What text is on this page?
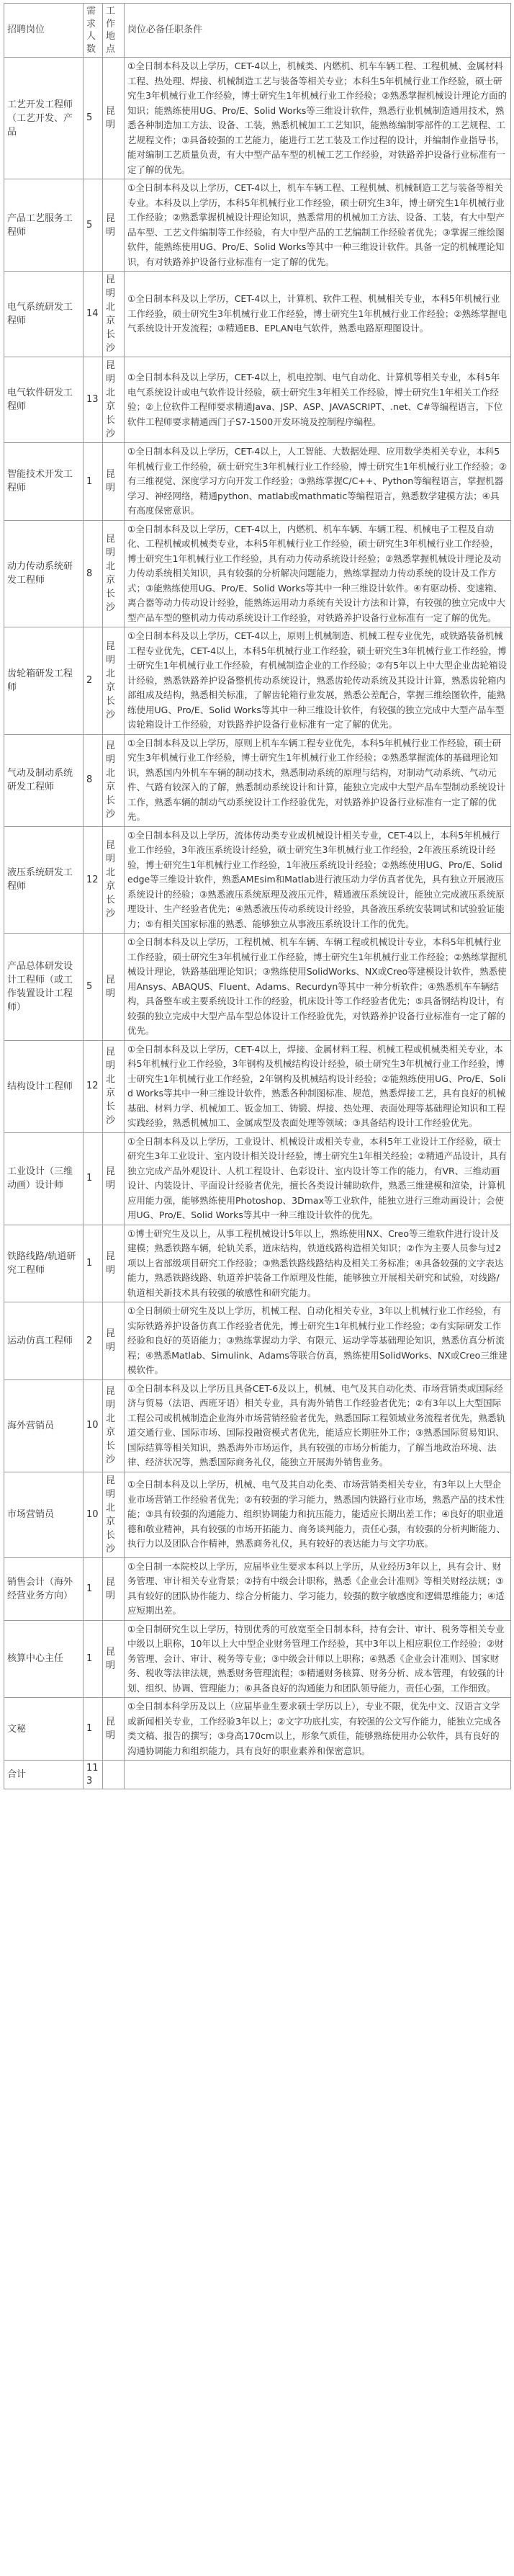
招聘岗位	需求人数	工作地点	岗位必备任职条件
工艺开发工程师（工艺开发、产品	5	昆明	①全日制本科及以上学历，CET-4以上，机械类、内燃机、机车车辆工程、工程机械、金属材料工程、热处理、焊接、机械制造工艺与装备等相关专业；本科生5年机械行业工作经验，硕士研究生3年机械行业工作经验，博士研究生1年机械行业工作经验；②熟悉掌握机械设计理论方面的知识；能熟练使用UG、Pro/E、Solid Works等三维设计软件，熟悉行业机械制造通用技术，熟悉各种制造加工方法、设备、工装，熟悉机械加工工艺知识，能熟练编制零部件的工艺规程、工艺规程文件；③具备较强的工艺能力，能进行工艺工装及工作过程的设计，并编制作业指导书，能对编制工艺质量负责，有大中型产品车型的机械工艺工作经验，对铁路养护设备行业标准有一定了解的优先。
产品工艺服务工程师	5	昆明	①全日制本科及以上学历，CET-4以上，机车车辆工程、工程机械、机械制造工艺与装备等相关专业。本科及以上学历，本科5年机械行业工作经验，硕士研究生3年，博士研究生1年机械行业工作经验；②熟悉掌握机械设计理论知识，熟悉常用的机械加工方法、设备、工装，有大中型产品车型、工艺文件编制等工作经验，有大中型产品的工艺编制工作经验者优先；③掌握三维绘图软件，能熟练使用UG、Pro/E、Solid Works等其中一种三维设计软件。具备一定的机械理论知识，有对铁路养护设备行业标准有一定了解的优先。
电气系统研发工程师	14	昆明 北京 长沙	①全日制本科及以上学历，CET-4以上，计算机、软件工程、机械相关专业，本科5年机械行业工作经验，硕士研究生3年机械行业工作经验，博士研究生1年机械行业工作经验；②熟练掌握电气系统设计开发流程；③精通EB、EPLAN电气软件，熟悉电路原理图设计。
电气软件研发工程师	13	昆明 北京 长沙	①全日制本科及以上学历，CET-4以上，机电控制、电气自动化、计算机等相关专业，本科5年电气系统设计或电气软件设计经验，硕士研究生3年相关工作经验，博士研究生1年相关工作经验；②上位软件工程师要求精通Java、JSP、ASP、JAVASCRIPT、.net、C#等编程语言，下位软件工程师要求精通西门子S7-1500开发环境及控制程序编程。
智能技术开发工程师	1	昆明	①全日制本科及以上学历，CET-4以上，人工智能、大数据处理、应用数学类相关专业，本科5年机械行业工作经验，硕士研究生3年机械行业工作经验，博士研究生1年机械行业工作经验；②有三维视觉、深度学习方向开发工作经验；③熟练掌握C/C++、Python等编程语言，掌握机器学习、神经网络，精通python、matlab或mathmatic等编程语言，熟悉数学建模方法；④具有高度保密意识。
动力传动系统研发工程师	8	昆明 北京 长沙	①全日制本科及以上学历，CET-4以上，内燃机、机车车辆、车辆工程、机械电子工程及自动化、工程机械或机械类专业，本科5年机械行业工作经验，硕士研究生3年机械行业工作经验，博士研究生1年机械行业工作经验，具有动力传动系统设计经验；②熟悉掌握机械设计理论及动力传动系统相关知识，具有较强的分析解决问题能力，熟练掌握动力传动系统的设计及工作方式；③能熟练使用UG、Pro/E、Solid Works等其中一种三维设计软件。④有驱动桥、变速箱、离合器等动力传动设计经验，能熟练运用动力系统有关设计方法和计算，有较强的独立完成中大型产品车型的整机动力传动系统设计工作经验，对铁路养护设备行业标准有一定了解的优先。
齿轮箱研发工程师	2	昆明 北京 长沙	①全日制本科及以上学历，CET-4以上，原则上机械制造、机械工程专业优先，或铁路装备机械工程专业优先，CET-4以上，本科5年机械行业工作经验，硕士研究生3年机械行业工作经验，博士研究生1年机械行业工作经验，有机械制造企业的工作经验；②有5年以上中大型企业齿轮箱设计经验，熟悉铁路养护设备整机传动系统设计，熟悉齿轮传动系统及其设计计算，熟悉齿轮箱内部组成及结构，熟悉相关标准，了解齿轮箱行业发展，熟悉公差配合，掌握三维绘图软件，能熟练使用UG、Pro/E、Solid Works等其中一种三维设计软件，有较强的独立完成中大型产品车型齿轮箱设计工作经验，对铁路养护设备行业标准有一定了解的优先。
气动及制动系统研发工程师	8	昆明 北京 长沙	①全日制本科及以上学历，原则上机车车辆工程专业优先，本科5年机械行业工作经验，硕士研究生3年机械行业工作经验，博士研究生1年机械行业工作经验；②熟悉掌握流体的基础理论知识，熟悉国内外机车车辆的制动技术，熟悉制动系统的原理与结构，对制动气动系统、气动元件、气路有较深入的了解，熟悉制动系统设计和计算，能独立完成中大型产品车型制动系统设计工作，熟悉车辆的制动气动系统设计工作经验优先，对铁路养护设备行业标准有一定了解的优先。
液压系统研发工程师	12	昆明 北京 长沙	①全日制本科及以上学历，流体传动类专业或机械设计相关专业，CET-4以上，本科5年机械行业工作经验，3年液压系统设计经验，硕士研究生3年机械行业工作经验，2年液压系统设计经验，博士研究生1年机械行业工作经验，1年液压系统设计经验；②熟练使用UG、Pro/E、Solidedge等三维设计软件，熟悉AMEsim和Matlab进行液压动力学仿真者优先，具有独立开展液压系统设计的经验；③熟悉液压系统原理及液压元件，精通液压系统设计，能独立完成液压系统原理设计、生产经验者优先；④熟悉液压传动系统设计经验，具备液压系统安装调试和试验验证能力；⑤有相关国家标准的熟悉、能够独立从事液压系统设计工作的优先。
产品总体研发设计工程师（或工作装置设计工程师）	5	昆明	①全日制本科及以上学历，工程机械、机车车辆、车辆工程或机械设计专业，本科5年机械行业工作经验，硕士研究生3年机械行业工作经验，博士研究生1年机械行业工作经验；②熟练掌握机械设计理论，铁路基础理论知识；③熟练使用SolidWorks、NX或Creo等建模设计软件，熟悉使用Ansys、ABAQUS、Fluent、Adams、Recurdyn等其中一种分析软件；④熟悉机车车辆结构，具备整车或主要系统设计工作的经验，机床设计等工作经验者优先；⑤具备钢结构设计，有较强的独立完成中大型产品车型总体设计工作经验优先，对铁路养护设备行业标准有一定了解的优先。
结构设计工程师	12	昆明 北京 长沙	①全日制本科及以上学历，CET-4以上，焊接、金属材料工程、机械工程或机械类相关专业，本科5年机械行业工作经验，3年钢构及机械结构设计经验，硕士研究生3年机械行业工作经验，博士研究生1年机械行业工作经验，2年钢构及机械结构设计经验；②能熟练使用UG、Pro/E、Solid Works等其中一种三维设计软件，熟悉各种制图标准、规范，熟悉焊接工艺，具有良好的机械基础、材料力学、机械加工、钣金加工、铸锻、焊接、热处理、表面处理等基础理论知识和工程实践经验，熟悉机械加工、金属成型及表面处理等领域；③具备结构设计工作经验优先。
工业设计（三维动画）设计师	1	昆明	①全日制本科及以上学历，工业设计、机械设计或相关专业，本科5年工业设计工作经验，硕士研究生3年工业设计、室内设计相关设计经验，博士研究生1年相关经验；②精通产品设计，具有独立完成产品外观设计、人机工程设计、色彩设计、室内设计等工作的能力，有VR、三维动画设计、内装设计、平面设计经验者优先，擅长各类设计辅助软件，熟悉三维建模和渲染，计算机应用能力强，能够熟练使用Photoshop、3Dmax等工业软件，能独立进行三维动画设计；会使用UG、Pro/E、Solid Works等其中一种三维设计软件的优先。
铁路线路/轨道研究工程师	1	昆明	①博士研究生及以上，从事工程机械设计5年以上，熟练使用NX、Creo等三维软件进行设计及建模；熟悉铁路车辆，轮轨关系，道床结构，铁道线路构造相关知识；②作为主要人员参与过2项以上省部级项目研究工作经验；③熟悉铁路线路结构及相关工务标准；④具备较强的文字表达能力，熟悉铁路线路、轨道养护装备工作原理及性能，能够独立开展相关研究和试验，对线路/轨道相关新技术具有较强的敏感性和研究能力。
运动仿真工程师	2	昆明	①全日制硕士研究生及以上学历，机械工程、自动化相关专业，3年以上机械行业工作经验，有实际铁路养护设备仿真工作经验者优先，博士研究生1年机械行业工作经验；②有实际研发工作经验和良好的英语能力；③熟练掌握动力学、有限元、运动学等基础理论知识，熟悉仿真分析流程；④熟悉Matlab、Simulink、Adams等联合仿真，熟练使用SolidWorks、NX或Creo三维建模软件。
海外营销员	10	昆明 北京 长沙	①全日制本科及以上学历且具备CET-6及以上，机械、电气及其自动化类、市场营销类或国际经济与贸易（法语、西班牙语）相关专业，具有海外销售工作经验者优先；②有3年以上大型国际工程公司或机械制造企业海外市场营销经验者优先，熟悉国际工程领域业务流程者优先，熟悉轨道交通行业、国际市场、国际投融资模式者优先，能适应长期驻外工作；③熟悉国际贸易知识、国际结算等相关知识，熟悉海外市场运作，具有较强的市场分析能力，了解当地政治环境、法律、经济状况等，熟悉国际商务礼仪，能独立开展海外销售业务。
市场营销员	10	昆明 北京 长沙	①全日制本科及以上学历，机械、电气及其自动化类、市场营销类相关专业，有3年以上大型企业市场营销工作经验者优先；②有较强的学习能力，熟悉国内铁路行业市场，熟悉产品的技术性能；③具有较强的沟通能力、组织协调能力和抗压能力，能适应长期出差工作；④良好的职业道德和敬业精神，具有较强的市场开拓能力、商务谈判能力，责任心强，有较强的分析判断能力、执行力以及团队合作精神，熟悉商务礼仪，具有较好的表达能力与文字功底。
销售会计（海外经营业务方向）	1	昆明	①全日制一本院校以上学历，应届毕业生要求本科以上学历，从业经历3年以上，具有会计、财务管理、审计相关专业背景；②持有中级会计职称，熟悉《企业会计准则》等相关财经法规；③具有较好的团队协作能力、综合分析能力、学习能力，较强的数字敏感度和逻辑思维能力；④适应短期出差。
核算中心主任	1	昆明	①全日制研究生以上学历，特别优秀的可放宽至全日制本科，持有会计、审计、税务等相关专业中级以上职称，10年以上大中型企业财务管理工作经验，其中3年以上相应职位工作经验；②财务管理、会计、审计、税务等专业；③中级会计师以上职称；④熟悉《企业会计准则》、国家财务、税收等法律法规，熟悉财务管理流程；⑤精通财务核算、财务分析、成本管理，有较强的计划、组织、协调、管理能力；⑥具备良好的沟通能力和团队领导能力，责任心强，工作细致。
文秘	1	昆明	①全日制本科学历及以上（应届毕业生要求硕士学历以上），专业不限，优先中文、汉语言文学或新闻相关专业，工作经验3年以上；②文字功底扎实，有较强的公文写作能力，能独立完成各类文稿、报告的撰写；③身高170cm以上，形象气质佳，能够熟练使用办公软件，具有良好的沟通协调能力和组织能力，具有良好的职业素养和保密意识。
合计	113		
